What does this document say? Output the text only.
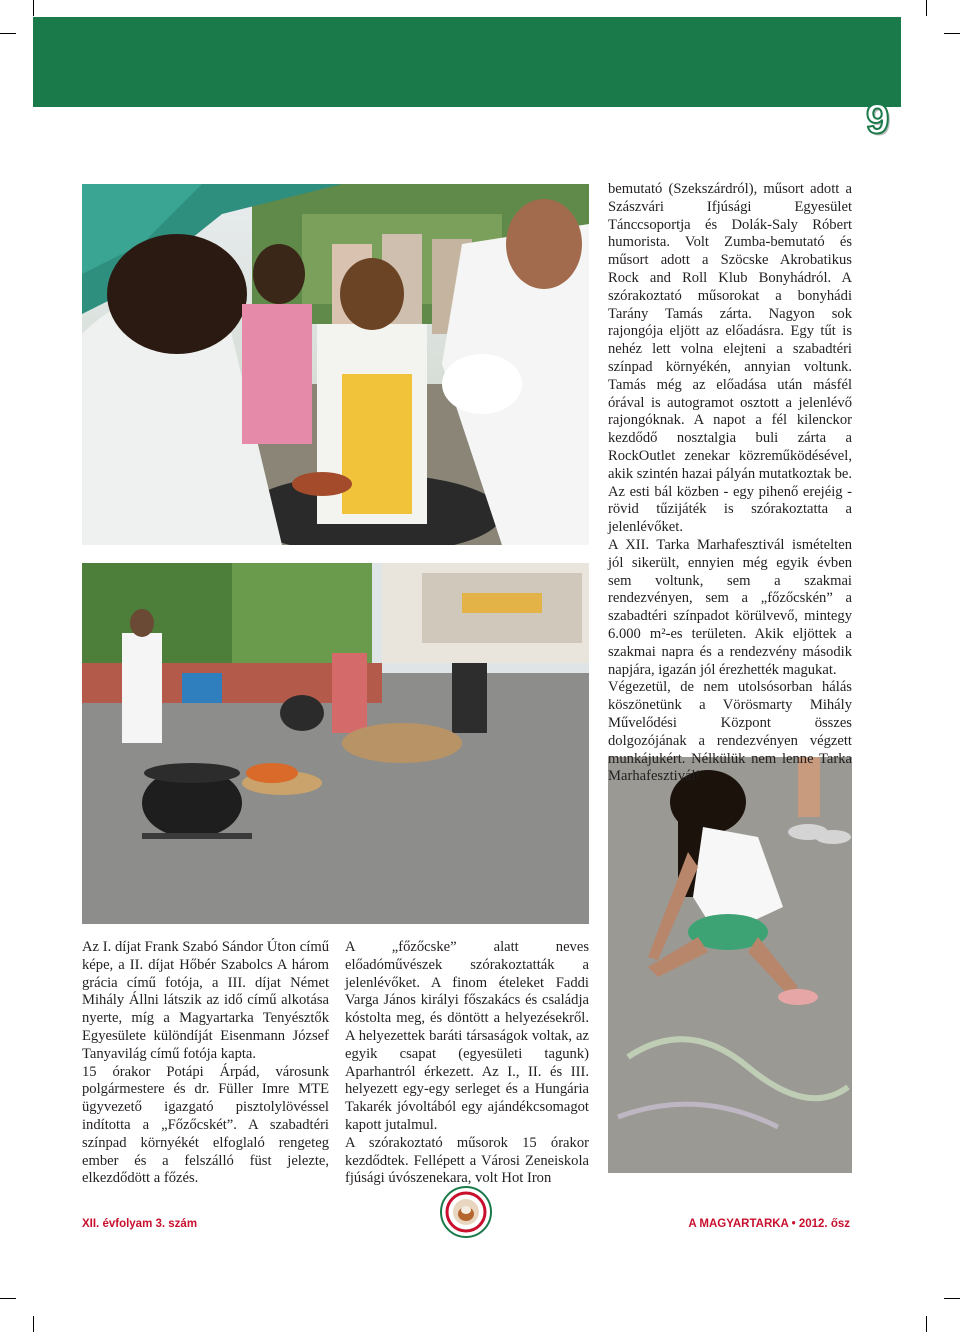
9

bemutató (Szekszárdról), műsort adott a Szászvári Ifjúsági Egyesület Tánccsoportja és Dolák-Saly Róbert humorista. Volt Zumba-bemutató és műsort adott a Szöcske Akrobatikus Rock and Roll Klub Bonyhádról. A szórakoztató műsorokat a bonyhádi Tarány Tamás zárta. Nagyon sok rajongója eljött az előadásra. Egy tűt is nehéz lett volna elejteni a szabadtéri színpad környékén, annyian voltunk. Tamás még az előadása után másfél órával is autogramot osztott a jelenlévő rajongóknak. A napot a fél kilenckor kezdődő nosztalgia buli zárta a RockOutlet zenekar közreműködésével, akik szintén hazai pályán mutatkoztak be. Az esti bál közben - egy pihenő erejéig - rövid tűzijáték is szórakoztatta a jelenlévőket.

A XII. Tarka Marhafesztivál ismételten jól sikerült, ennyien még egyik évben sem voltunk, sem a szakmai rendezvényen, sem a „főzőcskén” a szabadtéri színpadot körülvevő, mintegy 6.000 m²-es területen. Akik eljöttek a szakmai napra és a rendezvény második napjára, igazán jól érezhették magukat.

Végezetül, de nem utolsósorban hálás köszönetünk a Vörösmarty Mihály Művelődési Központ összes dolgozójának a rendezvényen végzett munkájukért. Nélkülük nem lenne Tarka Marhafesztivál!

Az I. díjat Frank Szabó Sándor Úton című képe, a II. díjat Hőbér Szabolcs A három grácia című fotója, a III. díjat Német Mihály Állni látszik az idő című alkotása nyerte, míg a Magyartarka Tenyésztők Egyesülete különdíját Eisenmann József Tanyavilág című fotója kapta.

15 órakor Potápi Árpád, városunk polgármestere és dr. Füller Imre MTE ügyvezető igazgató pisztolylövéssel indította a „Főzőcskét”. A szabadtéri színpad környékét elfoglaló rengeteg ember és a felszálló füst jelezte, elkezdődött a főzés.

A „főzőcske” alatt neves előadóművészek szórakoztatták a jelenlévőket. A finom ételeket Faddi Varga János királyi főszakács és családja kóstolta meg, és döntött a helyezésekről. A helyezettek baráti társaságok voltak, az egyik csapat (egyesületi tagunk) Aparhantról érkezett. Az I., II. és III. helyezett egy-egy serleget és a Hungária Takarék jóvoltából egy ajándékcsomagot kapott jutalmul.

A szórakoztató műsorok 15 órakor kezdődtek. Fellépett a Városi Zeneiskola fjúsági úvószenekara, volt Hot Iron

XII. évfolyam 3. szám	A MAGYARTARKA • 2012. ősz
